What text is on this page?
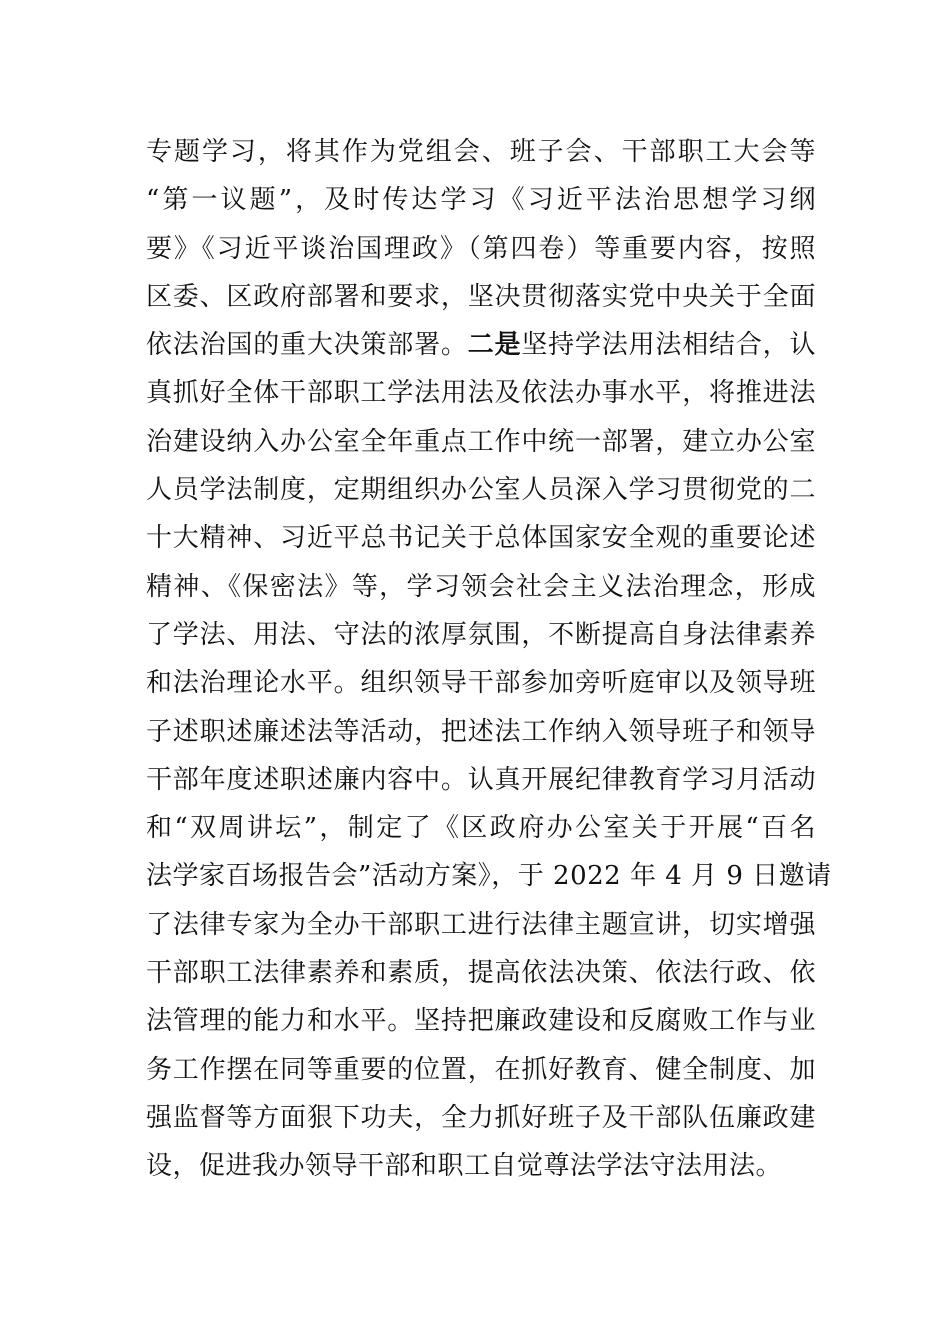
专题学习，将其作为党组会、班子会、干部职工大会等
“第一议题”，及时传达学习《习近平法治思想学习纲
要》《习近平谈治国理政》（第四卷）等重要内容，按照
区委、区政府部署和要求，坚决贯彻落实党中央关于全面
依法治国的重大决策部署。二是坚持学法用法相结合，认
真抓好全体干部职工学法用法及依法办事水平，将推进法
治建设纳入办公室全年重点工作中统一部署，建立办公室
人员学法制度，定期组织办公室人员深入学习贯彻党的二
十大精神、习近平总书记关于总体国家安全观的重要论述
精神、《保密法》等，学习领会社会主义法治理念，形成
了学法、用法、守法的浓厚氛围，不断提高自身法律素养
和法治理论水平。组织领导干部参加旁听庭审以及领导班
子述职述廉述法等活动，把述法工作纳入领导班子和领导
干部年度述职述廉内容中。认真开展纪律教育学习月活动
和“双周讲坛”，制定了《区政府办公室关于开展“百名
法学家百场报告会”活动方案》，于 2022 年 4 月 9 日邀请
了法律专家为全办干部职工进行法律主题宣讲，切实增强
干部职工法律素养和素质，提高依法决策、依法行政、依
法管理的能力和水平。坚持把廉政建设和反腐败工作与业
务工作摆在同等重要的位置，在抓好教育、健全制度、加
强监督等方面狠下功夫，全力抓好班子及干部队伍廉政建
设，促进我办领导干部和职工自觉尊法学法守法用法。
